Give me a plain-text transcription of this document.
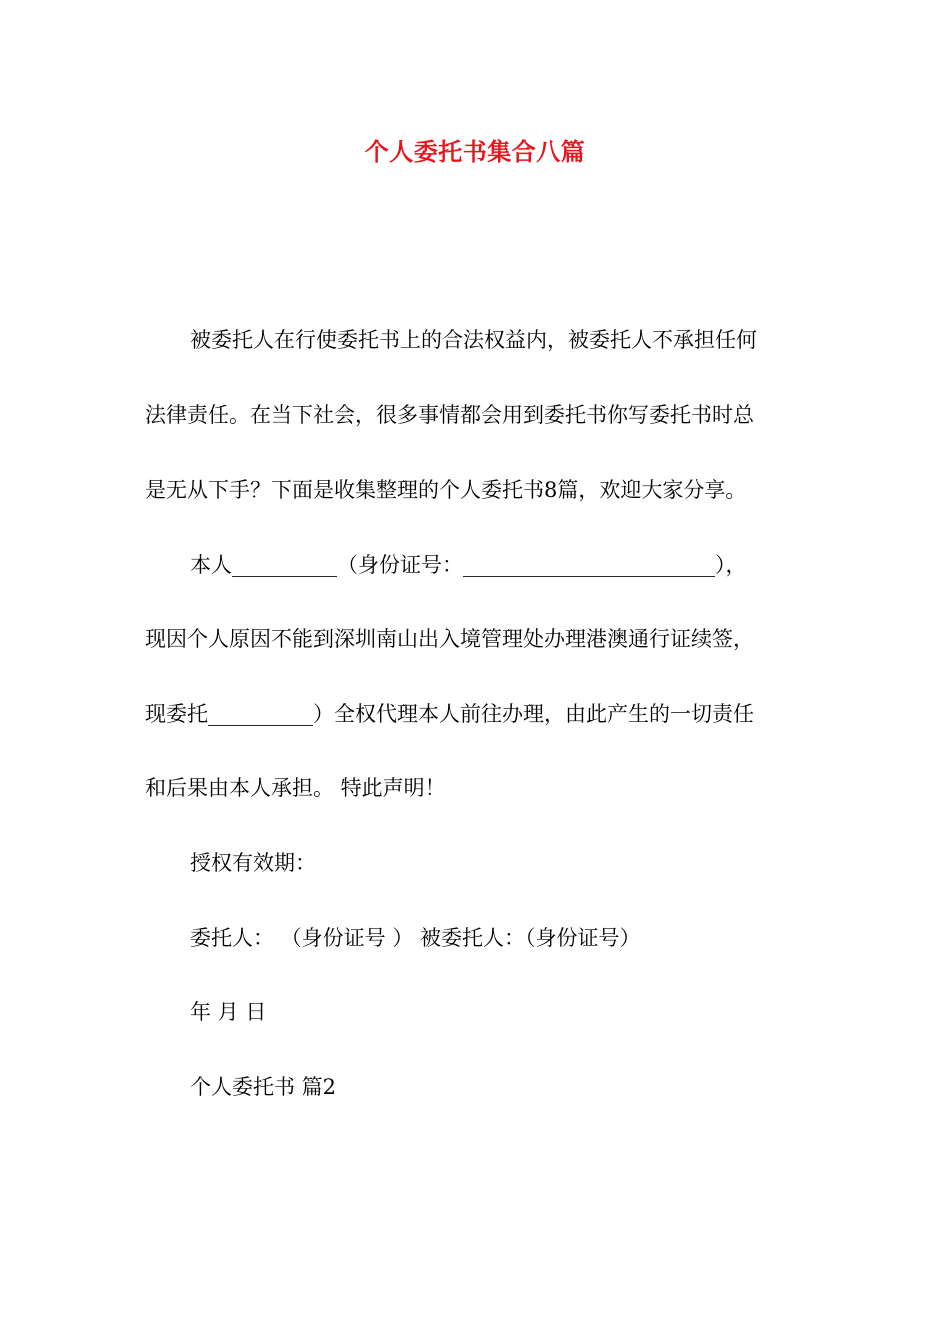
个人委托书集合八篇
被委托人在行使委托书上的合法权益内，被委托人不承担任何
法律责任。在当下社会，很多事情都会用到委托书你写委托书时总
是无从下手？下面是收集整理的个人委托书8篇，欢迎大家分享。
本人__________（身份证号：________________________），
现因个人原因不能到深圳南山出入境管理处办理港澳通行证续签，
现委托__________）全权代理本人前往办理，由此产生的一切责任
和后果由本人承担。 特此声明！
授权有效期：
委托人： （身份证号 ） 被委托人：（身份证号）
年 月 日
个人委托书 篇2
